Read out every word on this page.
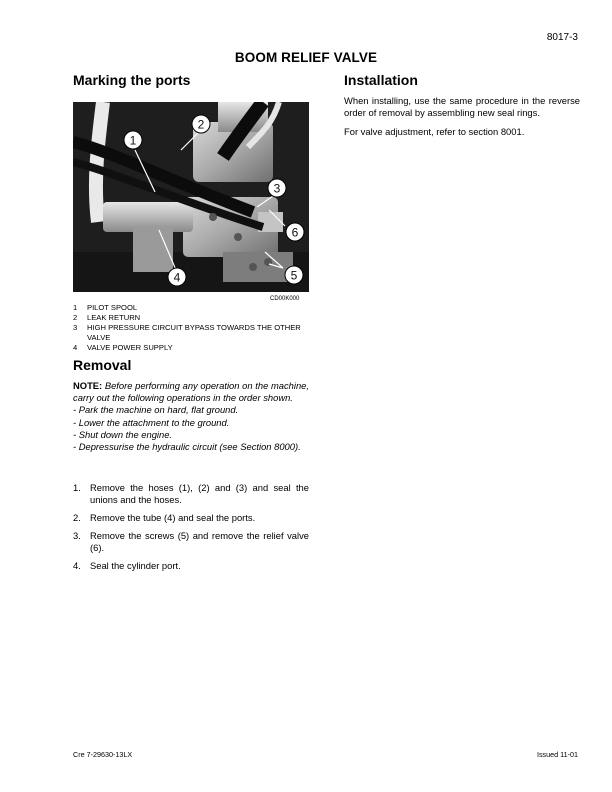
8017-3
BOOM RELIEF VALVE
Marking the ports
1
2
3
4	5
6
CD00K000
1	PILOT SPOOL
2	LEAK RETURN
3	HIGH PRESSURE CIRCUIT BYPASS TOWARDS THE OTHER VALVE
4	VALVE POWER SUPPLY
Removal

NOTE: Before performing any operation on the machine, carry out the following operations in the order shown.

- Park the machine on hard, flat ground.

- Lower the attachment to the ground.

- Shut down the engine.

- Depressurise the hydraulic circuit (see Section 8000).

1. Remove the hoses (1), (2) and (3) and seal the unions and the hoses.
2. Remove the tube (4) and seal the ports.
3. Remove the screws (5) and remove the relief valve (6).
4. Seal the cylinder port.
Installation

When installing, use the same procedure in the reverse order of removal by assembling new seal rings.

For valve adjustment, refer to section 8001.

Cre 7-29630-13LX	Issued 11-01
